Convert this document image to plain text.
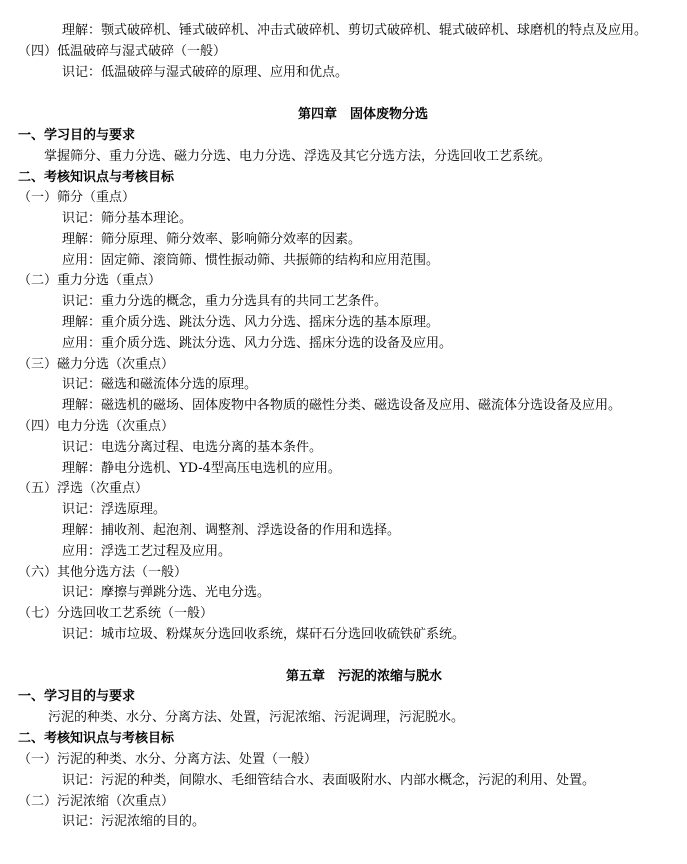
理解：颚式破碎机、锤式破碎机、冲击式破碎机、剪切式破碎机、辊式破碎机、球磨机的特点及应用。
（四）低温破碎与湿式破碎（一般）
识记：低温破碎与湿式破碎的原理、应用和优点。
第四章　固体废物分选
一、学习目的与要求
掌握筛分、重力分选、磁力分选、电力分选、浮选及其它分选方法，分选回收工艺系统。
二、考核知识点与考核目标
（一）筛分（重点）
识记：筛分基本理论。
理解：筛分原理、筛分效率、影响筛分效率的因素。
应用：固定筛、滚筒筛、惯性振动筛、共振筛的结构和应用范围。
（二）重力分选（重点）
识记：重力分选的概念，重力分选具有的共同工艺条件。
理解：重介质分选、跳汰分选、风力分选、摇床分选的基本原理。
应用：重介质分选、跳汰分选、风力分选、摇床分选的设备及应用。
（三）磁力分选（次重点）
识记：磁选和磁流体分选的原理。
理解：磁选机的磁场、固体废物中各物质的磁性分类、磁选设备及应用、磁流体分选设备及应用。
（四）电力分选（次重点）
识记：电选分离过程、电选分离的基本条件。
理解：静电分选机、YD-4型高压电选机的应用。
（五）浮选（次重点）
识记：浮选原理。
理解：捕收剂、起泡剂、调整剂、浮选设备的作用和选择。
应用：浮选工艺过程及应用。
（六）其他分选方法（一般）
识记：摩擦与弹跳分选、光电分选。
（七）分选回收工艺系统（一般）
识记：城市垃圾、粉煤灰分选回收系统，煤矸石分选回收硫铁矿系统。
第五章　污泥的浓缩与脱水
一、学习目的与要求
污泥的种类、水分、分离方法、处置，污泥浓缩、污泥调理，污泥脱水。
二、考核知识点与考核目标
（一）污泥的种类、水分、分离方法、处置（一般）
识记：污泥的种类，间隙水、毛细管结合水、表面吸附水、内部水概念，污泥的利用、处置。
（二）污泥浓缩（次重点）
识记：污泥浓缩的目的。
